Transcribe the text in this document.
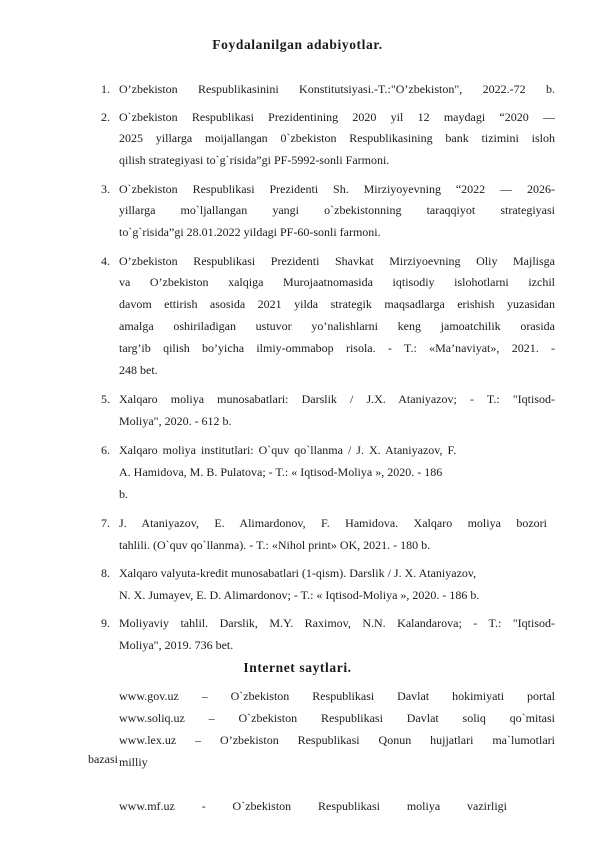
Foydalanilgan adabiyotlar.
1. O’zbekiston Respublikasinini Konstitutsiyasi.-T.:"O’zbekiston", 2022.-72 b.
2. O`zbekiston Respublikasi Prezidentining 2020 yil 12 maydagi “2020 —
2025 yillarga moijallangan 0`zbekiston Respublikasining bank tizimini isloh
qilish strategiyasi to`g`risida”gi PF-5992-sonli Farmoni.
3. O`zbekiston Respublikasi Prezidenti Sh. Mirziyoyevning “2022 — 2026-
yillarga mo`ljallangan yangi o`zbekistonning taraqqiyot strategiyasi
to`g`risida”gi 28.01.2022 yildagi PF-60-sonli farmoni.
4. O’zbekiston Respublikasi Prezidenti Shavkat Mirziyoevning Oliy Majlisga
va O’zbekiston xalqiga Murojaatnomasida iqtisodiy islohotlarni izchil
davom ettirish asosida 2021 yilda strategik maqsadlarga erishish yuzasidan
amalga oshiriladigan ustuvor yo’nalishlarni keng jamoatchilik orasida
targ’ib qilish bo’yicha ilmiy-ommabop risola. - T.: «Ma’naviyat», 2021. -
248 bet.
5. Xalqaro moliya munosabatlari: Darslik / J.X. Ataniyazov; - T.: "Iqtisod-
Moliya", 2020. - 612 b.
6. Xalqaro moliya institutlari: O`quv qo`llanma / J. X. Ataniyazov, F.
A. Hamidova, M. B. Pulatova; - T.: « Iqtisod-Moliya », 2020. - 186
b.
7. J. Ataniyazov, E. Alimardonov, F. Hamidova. Xalqaro moliya bozori
tahlili. (O`quv qo`llanma). - T.: «Nihol print» OK, 2021. - 180 b.
8. Xalqaro valyuta-kredit munosabatlari (1-qism). Darslik / J. X. Ataniyazov,
N. X. Jumayev, E. D. Alimardonov; - T.: « Iqtisod-Moliya », 2020. - 186 b.
9. Moliyaviy tahlil. Darslik, M.Y. Raximov, N.N. Kalandarova; - T.: "Iqtisod-
Moliya", 2019. 736 bet.
Internet saytlari.
www.gov.uz – O`zbekiston Respublikasi Davlat hokimiyati portal
www.soliq.uz – O`zbekiston Respublikasi Davlat soliq qo`mitasi
www.lex.uz – O’zbekiston Respublikasi Qonun hujjatlari ma`lumotlari
bazasi milliy
www.mf.uz - O`zbekiston Respublikasi moliya vazirligi
